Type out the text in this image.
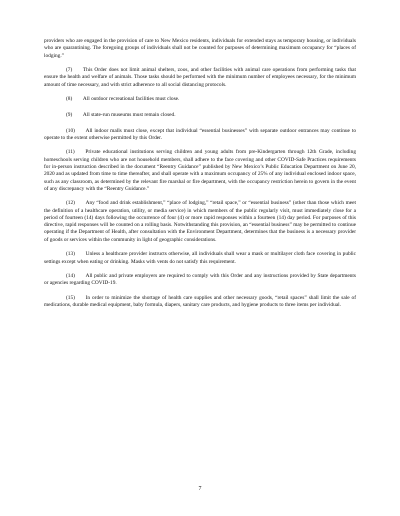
providers who are engaged in the provision of care to New Mexico residents, individuals for extended stays as temporary housing, or individuals who are quarantining. The foregoing groups of individuals shall not be counted for purposes of determining maximum occupancy for “places of lodging.”

(7)  This Order does not limit animal shelters, zoos, and other facilities with animal care operations from performing tasks that ensure the health and welfare of animals. Those tasks should be performed with the minimum number of employees necessary, for the minimum amount of time necessary, and with strict adherence to all social distancing protocols.

(8)  All outdoor recreational facilities must close.

(9)  All state-run museums must remain closed.

(10)  All indoor malls must close, except that individual “essential businesses” with separate outdoor entrances may continue to operate to the extent otherwise permitted by this Order.

(11)  Private educational institutions serving children and young adults from pre-Kindergarten through 12th Grade, including homeschools serving children who are not household members, shall adhere to the face covering and other COVID-Safe Practices requirements for in-person instruction described in the document “Reentry Guidance” published by New Mexico’s Public Education Department on June 20, 2020 and as updated from time to time thereafter, and shall operate with a maximum occupancy of 25% of any individual enclosed indoor space, such as any classroom, as determined by the relevant fire marshal or fire department, with the occupancy restriction herein to govern in the event of any discrepancy with the “Reentry Guidance.”

(12)  Any “food and drink establishment,” “place of lodging,” “retail space,” or “essential business” (other than those which meet the definition of a healthcare operation, utility, or media service) in which members of the public regularly visit, must immediately close for a period of fourteen (14) days following the occurrence of four (4) or more rapid responses within a fourteen (14) day period. For purposes of this directive, rapid responses will be counted on a rolling basis. Notwithstanding this provision, an “essential business” may be permitted to continue operating if the Department of Health, after consultation with the Environment Department, determines that the business is a necessary provider of goods or services within the community in light of geographic considerations.

(13)  Unless a healthcare provider instructs otherwise, all individuals shall wear a mask or multilayer cloth face covering in public settings except when eating or drinking. Masks with vents do not satisfy this requirement.

(14)  All public and private employers are required to comply with this Order and any instructions provided by State departments or agencies regarding COVID-19.

(15)  In order to minimize the shortage of health care supplies and other necessary goods, “retail spaces” shall limit the sale of medications, durable medical equipment, baby formula, diapers, sanitary care products, and hygiene products to three items per individual.

7
